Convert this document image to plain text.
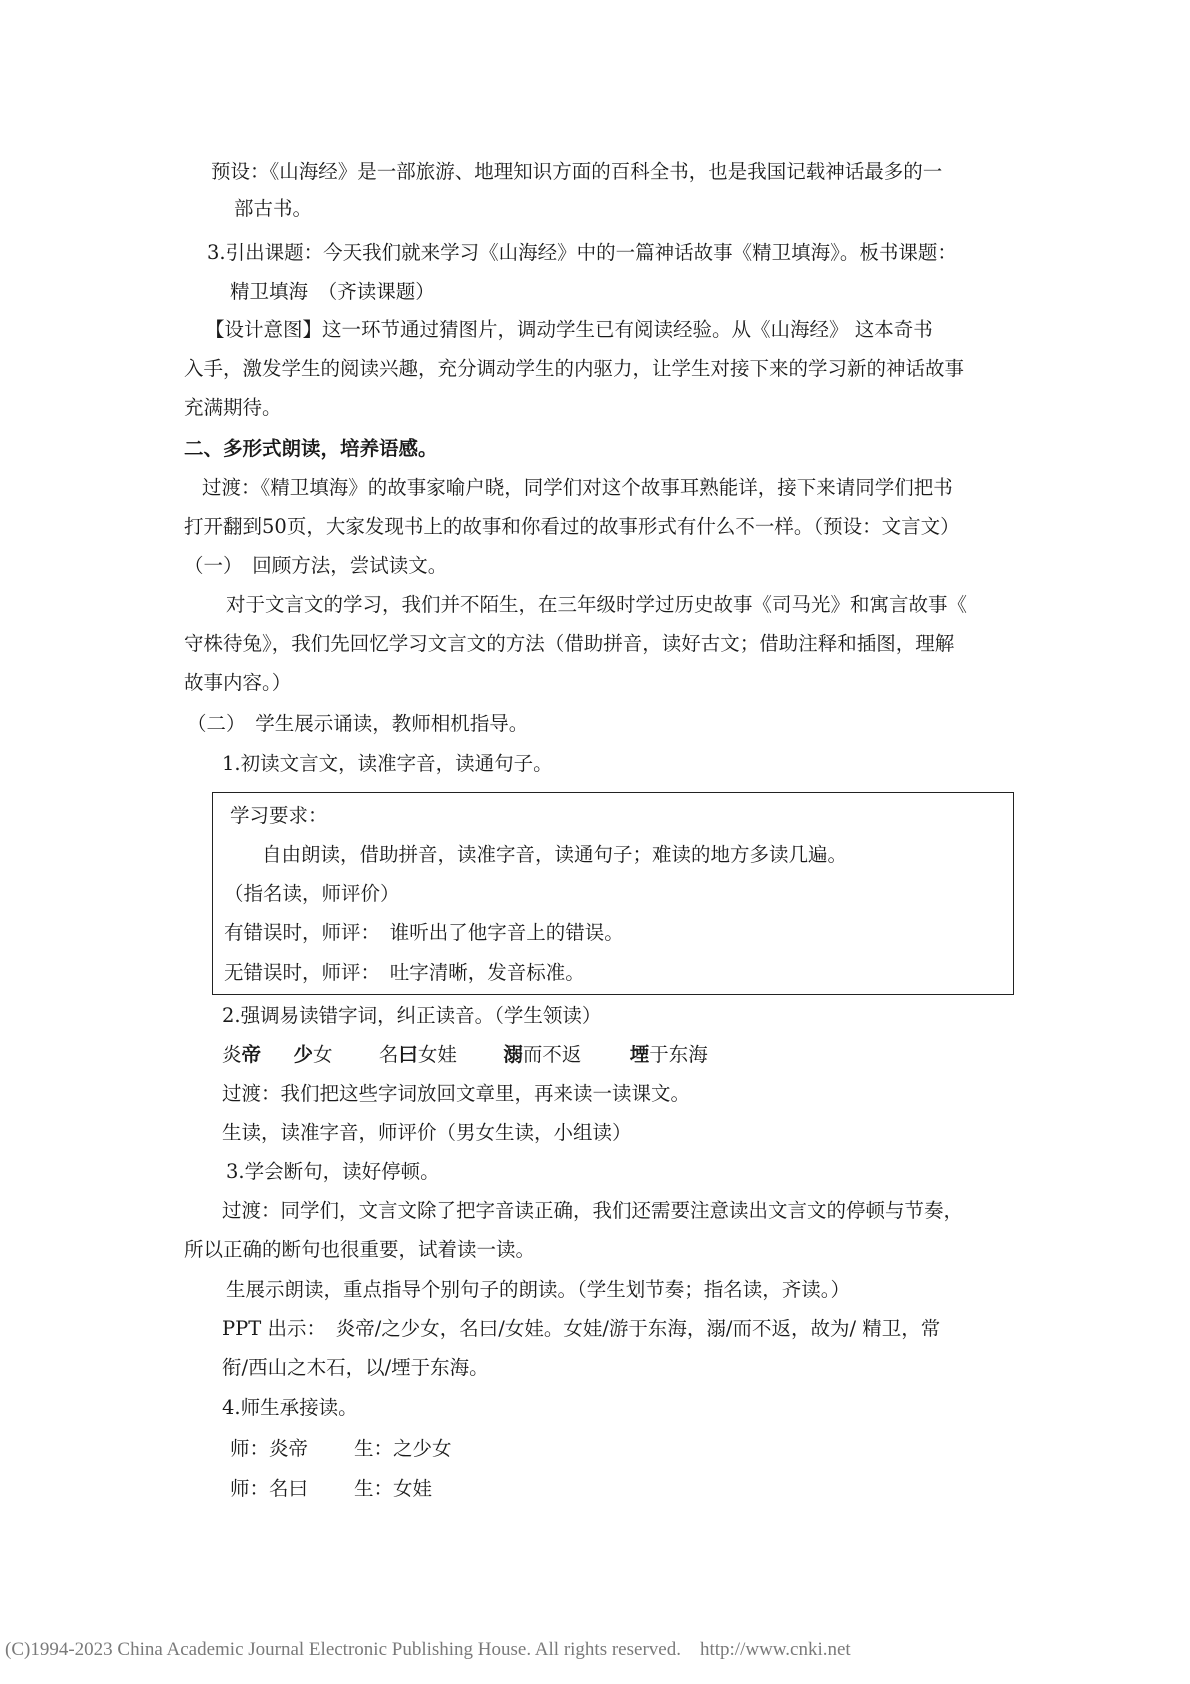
预设：《山海经》是一部旅游、地理知识方面的百科全书，也是我国记载神话最多的一
部古书。
3.引出课题：今天我们就来学习《山海经》中的一篇神话故事《精卫填海》。板书课题：
精卫填海　（齐读课题）
【设计意图】这一环节通过猜图片，调动学生已有阅读经验。从《山海经》 这本奇书
入手，激发学生的阅读兴趣，充分调动学生的内驱力，让学生对接下来的学习新的神话故事
充满期待。
二、多形式朗读，培养语感。
过渡：《精卫填海》的故事家喻户晓，同学们对这个故事耳熟能详，接下来请同学们把书
打开翻到50页，大家发现书上的故事和你看过的故事形式有什么不一样。（预设：文言文）
（一）　回顾方法，尝试读文。
对于文言文的学习，我们并不陌生，在三年级时学过历史故事《司马光》和寓言故事《
守株待兔》，我们先回忆学习文言文的方法（借助拼音，读好古文；借助注释和插图，理解
故事内容。）
（二）　学生展示诵读，教师相机指导。
1.初读文言文，读准字音，读通句子。
学习要求：
自由朗读，借助拼音，读准字音，读通句子；难读的地方多读几遍。
（指名读，师评价）
有错误时，师评：　谁听出了他字音上的错误。
无错误时，师评：　吐字清晰，发音标准。
2.强调易读错字词，纠正读音。（学生领读）
炎帝 少女 名曰女娃 溺而不返 堙于东海
过渡：我们把这些字词放回文章里，再来读一读课文。
生读，读准字音，师评价（男女生读，小组读）
3.学会断句，读好停顿。
过渡：同学们，文言文除了把字音读正确，我们还需要注意读出文言文的停顿与节奏，
所以正确的断句也很重要，试着读一读。
生展示朗读，重点指导个别句子的朗读。（学生划节奏；指名读，齐读。）
PPT 出示：　炎帝/之少女，名曰/女娃。女娃/游于东海，溺/而不返，故为/ 精卫，常
衔/西山之木石，以/堙于东海。
4.师生承接读。
师：炎帝 生：之少女
师：名曰 生：女娃
(C)1994-2023 China Academic Journal Electronic Publishing House. All rights reserved.　http://www.cnki.net
